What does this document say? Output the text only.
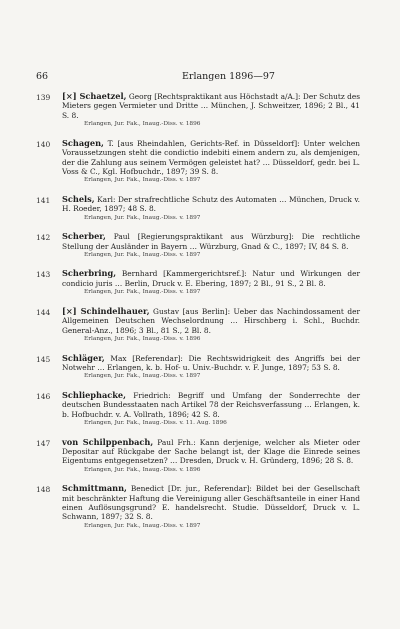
66	Erlangen 1896—97
139 [⨯] Schaetzel, Georg [Rechtspraktikant aus Höchstadt a/A.]: Der Schutz des Mieters gegen Vermieter und Dritte … München, J. Schweitzer, 1896; 2 Bl., 41 S. 8.
Erlangen, Jur. Fak., Inaug.-Diss. v. 1896
140 Schagen, T. [aus Rheindahlen, Gerichts-Ref. in Düsseldorf]: Unter welchen Voraussetzungen steht die condictio indebiti einem andern zu, als demjenigen, der die Zahlung aus seinem Vermögen geleistet hat? … Düsseldorf, gedr. bei L. Voss & C., Kgl. Hofbuchdr., 1897; 39 S. 8.
Erlangen, Jur. Fak., Inaug.-Diss. v. 1897
141 Schels, Karl: Der strafrechtliche Schutz des Automaten … München, Druck v. H. Roeder, 1897; 48 S. 8.
Erlangen, Jur. Fak., Inaug.-Diss. v. 1897
142 Scherber, Paul [Regierungspraktikant aus Würzburg]: Die rechtliche Stellung der Ausländer in Bayern … Würzburg, Gnad & C., 1897; IV, 84 S. 8.
Erlangen, Jur. Fak., Inaug.-Diss. v. 1897
143 Scherbring, Bernhard [Kammergerichtsref.]: Natur und Wirkungen der condicio juris … Berlin, Druck v. E. Ebering, 1897; 2 Bl., 91 S., 2 Bl. 8.
Erlangen, Jur. Fak., Inaug.-Diss. v. 1897
144 [⨯] Schindelhauer, Gustav [aus Berlin]: Ueber das Nachindossament der Allgemeinen Deutschen Wechselordnung … Hirschberg i. Schl., Buchdr. General-Anz., 1896; 3 Bl., 81 S., 2 Bl. 8.
Erlangen, Jur. Fak., Inaug.-Diss. v. 1896
145 Schläger, Max [Referendar]: Die Rechtswidrigkeit des Angriffs bei der Notwehr … Erlangen, k. b. Hof- u. Univ.-Buchdr. v. F. Junge, 1897; 53 S. 8.
Erlangen, Jur. Fak., Inaug.-Diss. v. 1897
146 Schliephacke, Friedrich: Begriff und Umfang der Sonderrechte der deutschen Bundesstaaten nach Artikel 78 der Reichsverfassung … Erlangen, k. b. Hofbuchdr. v. A. Vollrath, 1896; 42 S. 8.
Erlangen, Jur. Fak., Inaug.-Diss. v. 11. Aug. 1896
147 von Schilppenbach, Paul Frh.: Kann derjenige, welcher als Mieter oder Depositar auf Rückgabe der Sache belangt ist, der Klage die Einrede seines Eigentums entgegensetzen? … Dresden, Druck v. H. Gründerg, 1896; 28 S. 8.
Erlangen, Jur. Fak., Inaug.-Diss. v. 1896
148 Schmittmann, Benedict [Dr. jur., Referendar]: Bildet bei der Gesellschaft mit beschränkter Haftung die Vereinigung aller Geschäftsanteile in einer Hand einen Auflösungsgrund? E. handelsrecht. Studie. Düsseldorf, Druck v. L. Schwann, 1897; 32 S. 8.
Erlangen, Jur. Fak., Inaug.-Diss. v. 1897
